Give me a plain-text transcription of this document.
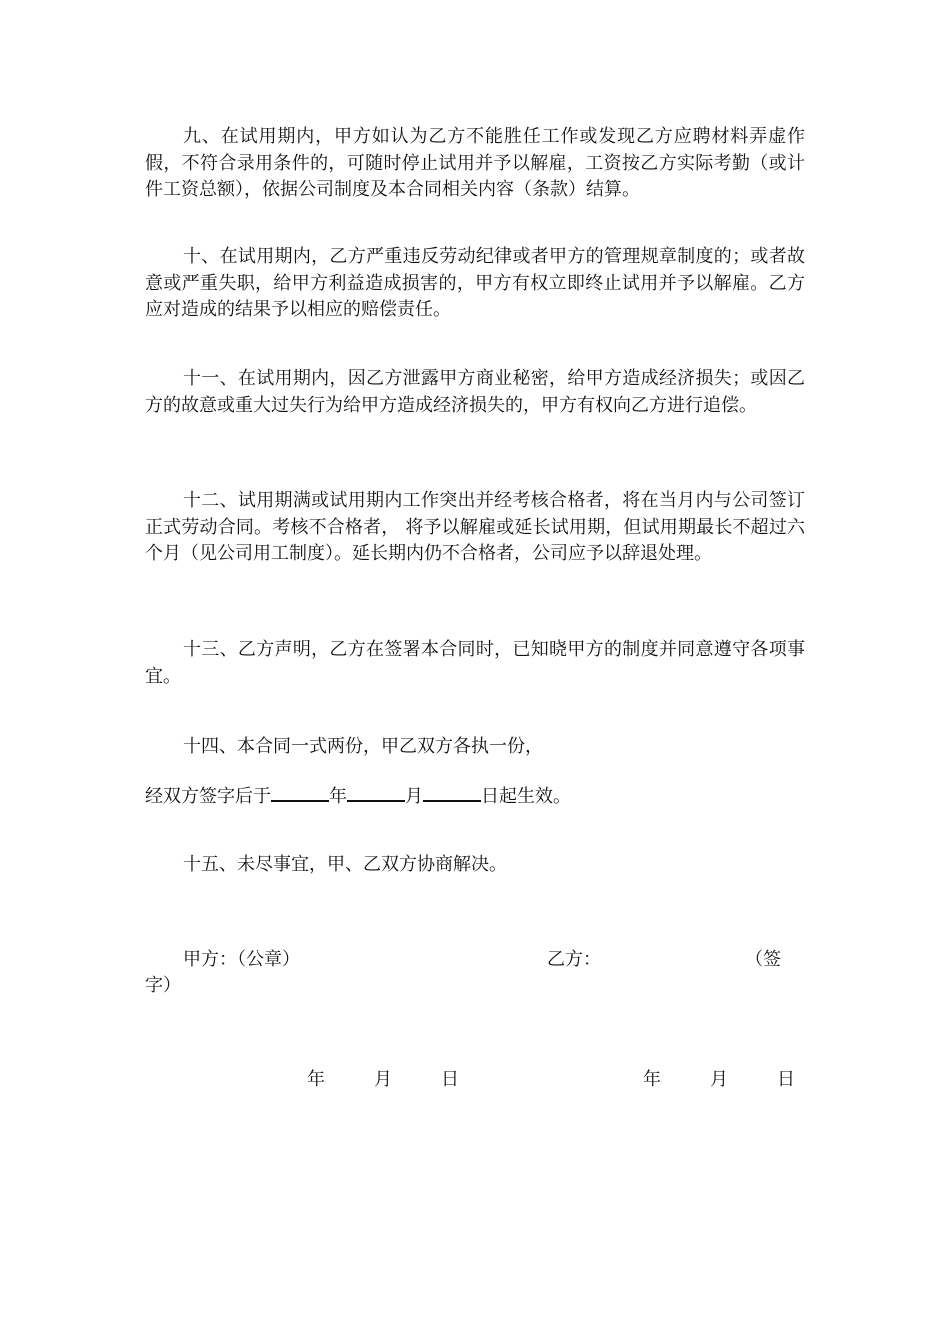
九、在试用期内，甲方如认为乙方不能胜任工作或发现乙方应聘材料弄虚作假，不符合录用条件的，可随时停止试用并予以解雇，工资按乙方实际考勤（或计件工资总额），依据公司制度及本合同相关内容（条款）结算。

十、在试用期内，乙方严重违反劳动纪律或者甲方的管理规章制度的；或者故意或严重失职，给甲方利益造成损害的，甲方有权立即终止试用并予以解雇。乙方应对造成的结果予以相应的赔偿责任。

十一、在试用期内，因乙方泄露甲方商业秘密，给甲方造成经济损失；或因乙方的故意或重大过失行为给甲方造成经济损失的，甲方有权向乙方进行追偿。

十二、试用期满或试用期内工作突出并经考核合格者，将在当月内与公司签订正式劳动合同。考核不合格者， 将予以解雇或延长试用期，但试用期最长不超过六个月（见公司用工制度）。延长期内仍不合格者，公司应予以辞退处理。

十三、乙方声明，乙方在签署本合同时，已知晓甲方的制度并同意遵守各项事宜。

十四、本合同一式两份，甲乙双方各执一份，

经双方签字后于	年	月	日起生效。

十五、未尽事宜，甲、乙双方协商解决。

甲方：（公章）	乙方：	（签

字）

年	月	日	年	月	日
